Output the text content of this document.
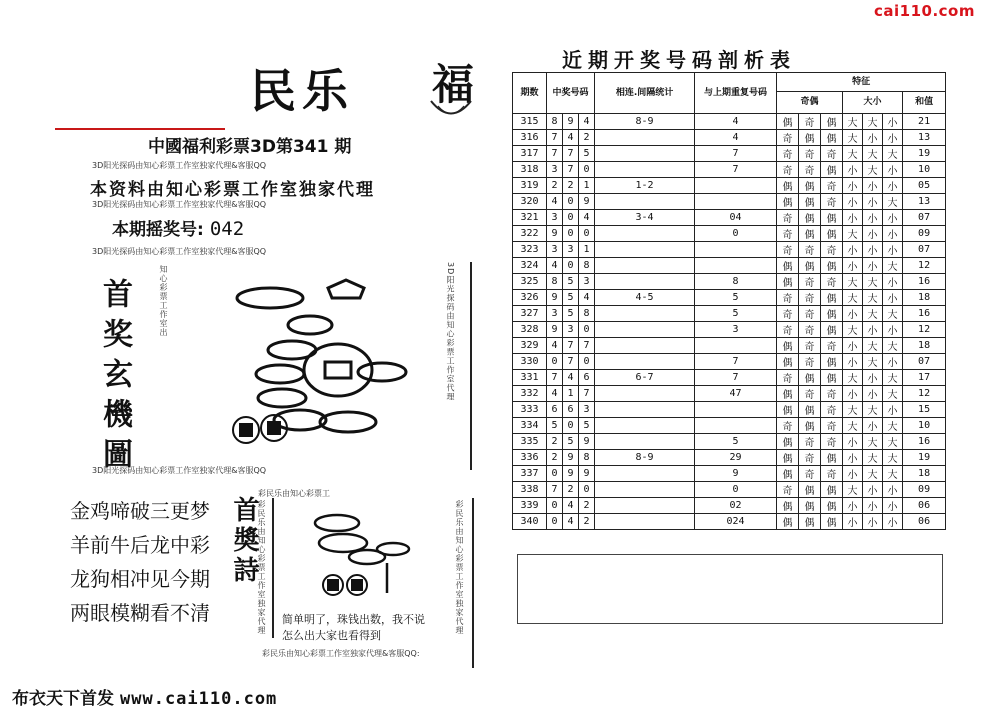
cai110.com
民乐 福
中國福利彩票3D第341 期
3D阳光探码由知心彩票工作室独家代理&客服QQ
本资料由知心彩票工作室独家代理
3D阳光探码由知心彩票工作室独家代理&客服QQ
本期摇奖号: 042
3D阳光探码由知心彩票工作室独家代理&客服QQ
首奖玄機圖	知心彩票工作室出	3D阳光探码由知心彩票工作室代理
3D阳光探码由知心彩票工作室独家代理&客服QQ
金鸡啼破三更梦
羊前牛后龙中彩
龙狗相冲见今期
两眼模糊看不清
首奬詩
彩民乐由知心彩票工
彩民乐由知心彩票工作室独家代理	彩民乐由知心彩票工作室独家代理
简单明了，珠钱出数，我不说
怎么出大家也看得到
彩民乐由知心彩票工作室独家代理&客服QQ:
布衣天下首发 www.cai110.com
近期开奖号码剖析表
期数	中奖号码			相连.间隔统计	与上期重复号码	特征						
						奇偶			大小			和值
315	8	9	4	8-9	4	偶	奇	偶	大	大	小	21
316	7	4	2		4	奇	偶	偶	大	小	小	13
317	7	7	5		7	奇	奇	奇	大	大	大	19
318	3	7	0		7	奇	奇	偶	小	大	小	10
319	2	2	1	1-2		偶	偶	奇	小	小	小	05
320	4	0	9			偶	偶	奇	小	小	大	13
321	3	0	4	3-4	04	奇	偶	偶	小	小	小	07
322	9	0	0		0	奇	偶	偶	大	小	小	09
323	3	3	1			奇	奇	奇	小	小	小	07
324	4	0	8			偶	偶	偶	小	小	大	12
325	8	5	3		8	偶	奇	奇	大	大	小	16
326	9	5	4	4-5	5	奇	奇	偶	大	大	小	18
327	3	5	8		5	奇	奇	偶	小	大	大	16
328	9	3	0		3	奇	奇	偶	大	小	小	12
329	4	7	7			偶	奇	奇	小	大	大	18
330	0	7	0		7	偶	奇	偶	小	大	小	07
331	7	4	6	6-7	7	奇	偶	偶	大	小	大	17
332	4	1	7		47	偶	奇	奇	小	小	大	12
333	6	6	3			偶	偶	奇	大	大	小	15
334	5	0	5			奇	偶	奇	大	小	大	10
335	2	5	9		5	偶	奇	奇	小	大	大	16
336	2	9	8	8-9	29	偶	奇	偶	小	大	大	19
337	0	9	9		9	偶	奇	奇	小	大	大	18
338	7	2	0		0	奇	偶	偶	大	小	小	09
339	0	4	2		02	偶	偶	偶	小	小	小	06
340	0	4	2		024	偶	偶	偶	小	小	小	06
